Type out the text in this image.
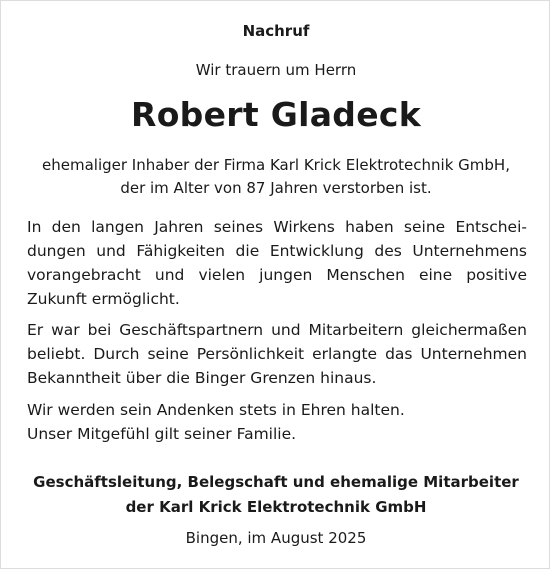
Nachruf
Wir trauern um Herrn
Robert Gladeck
ehemaliger Inhaber der Firma Karl Krick Elektrotechnik GmbH,
der im Alter von 87 Jahren verstorben ist.
In den langen Jahren seines Wirkens haben seine Entscheidungen und Fähigkeiten die Entwicklung des Unternehmens vorangebracht und vielen jungen Menschen eine positive Zukunft ermöglicht.
Er war bei Geschäftspartnern und Mitarbeitern gleichermaßen beliebt. Durch seine Persönlichkeit erlangte das Unternehmen Bekanntheit über die Binger Grenzen hinaus.
Wir werden sein Andenken stets in Ehren halten.
Unser Mitgefühl gilt seiner Familie.
Geschäftsleitung, Belegschaft und ehemalige Mitarbeiter
der Karl Krick Elektrotechnik GmbH
Bingen, im August 2025
